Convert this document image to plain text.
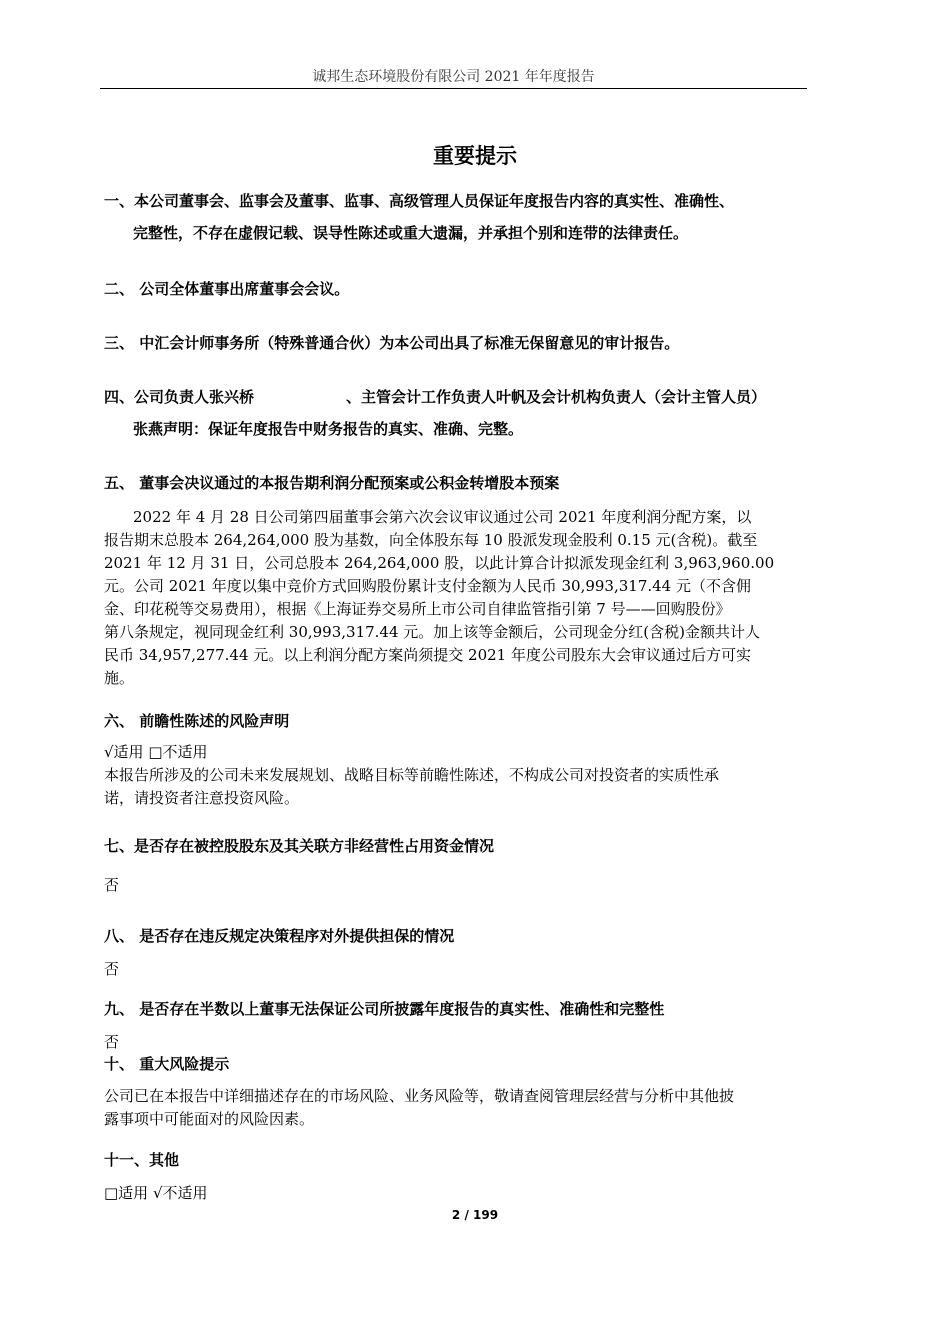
诚邦生态环境股份有限公司 2021 年年度报告
重要提示
一、本公司董事会、监事会及董事、监事、高级管理人员保证年度报告内容的真实性、准确性、
完整性，不存在虚假记载、误导性陈述或重大遗漏，并承担个别和连带的法律责任。
二、 公司全体董事出席董事会会议。
三、 中汇会计师事务所（特殊普通合伙）为本公司出具了标准无保留意见的审计报告。
四、公司负责人张兴桥	、主管会计工作负责人叶帆及会计机构负责人（会计主管人员）
张燕声明：保证年度报告中财务报告的真实、准确、完整。
五、 董事会决议通过的本报告期利润分配预案或公积金转增股本预案
2022 年 4 月 28 日公司第四届董事会第六次会议审议通过公司 2021 年度利润分配方案，以
报告期末总股本 264,264,000 股为基数，向全体股东每 10 股派发现金股利 0.15 元(含税)。截至
2021 年 12 月 31 日，公司总股本 264,264,000 股，以此计算合计拟派发现金红利 3,963,960.00
元。公司 2021 年度以集中竞价方式回购股份累计支付金额为人民币 30,993,317.44 元（不含佣
金、印花税等交易费用），根据《上海证券交易所上市公司自律监管指引第 7 号——回购股份》
第八条规定，视同现金红利 30,993,317.44 元。加上该等金额后，公司现金分红(含税)金额共计人
民币 34,957,277.44 元。以上利润分配方案尚须提交 2021 年度公司股东大会审议通过后方可实
施。
六、 前瞻性陈述的风险声明
√适用 □不适用
本报告所涉及的公司未来发展规划、战略目标等前瞻性陈述，不构成公司对投资者的实质性承
诺，请投资者注意投资风险。
七、是否存在被控股股东及其关联方非经营性占用资金情况
否
八、 是否存在违反规定决策程序对外提供担保的情况
否
九、 是否存在半数以上董事无法保证公司所披露年度报告的真实性、准确性和完整性
否
十、 重大风险提示
公司已在本报告中详细描述存在的市场风险、业务风险等，敬请查阅管理层经营与分析中其他披
露事项中可能面对的风险因素。
十一、其他
□适用 √不适用
2 / 199
